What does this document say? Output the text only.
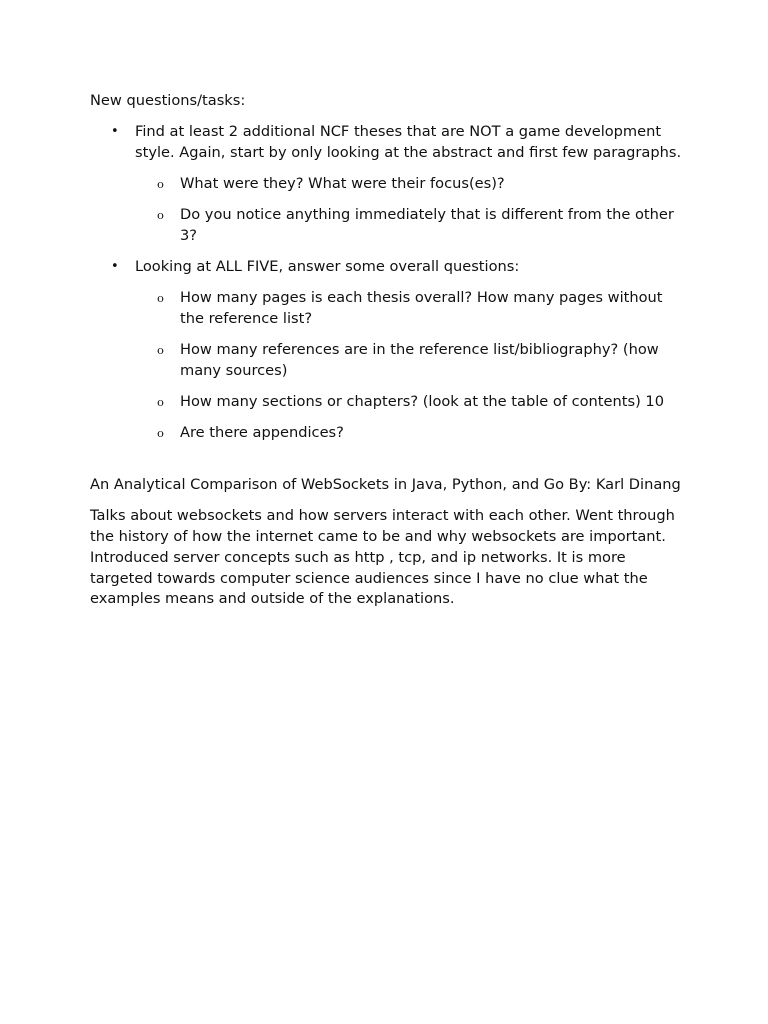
New questions/tasks:

• Find at least 2 additional NCF theses that are NOT a game development style. Again, start by only looking at the abstract and first few paragraphs.
o What were they? What were their focus(es)?
o Do you notice anything immediately that is different from the other 3?
• Looking at ALL FIVE, answer some overall questions:
o How many pages is each thesis overall? How many pages without the reference list?
o How many references are in the reference list/bibliography? (how many sources)
o How many sections or chapters? (look at the table of contents) 10
o Are there appendices?

An Analytical Comparison of WebSockets in Java, Python, and Go By: Karl Dinang

Talks about websockets and how servers interact with each other. Went through the history of how the internet came to be and why websockets are important. Introduced server concepts such as http , tcp, and ip networks. It is more targeted towards computer science audiences since I have no clue what the examples means and outside of the explanations.
